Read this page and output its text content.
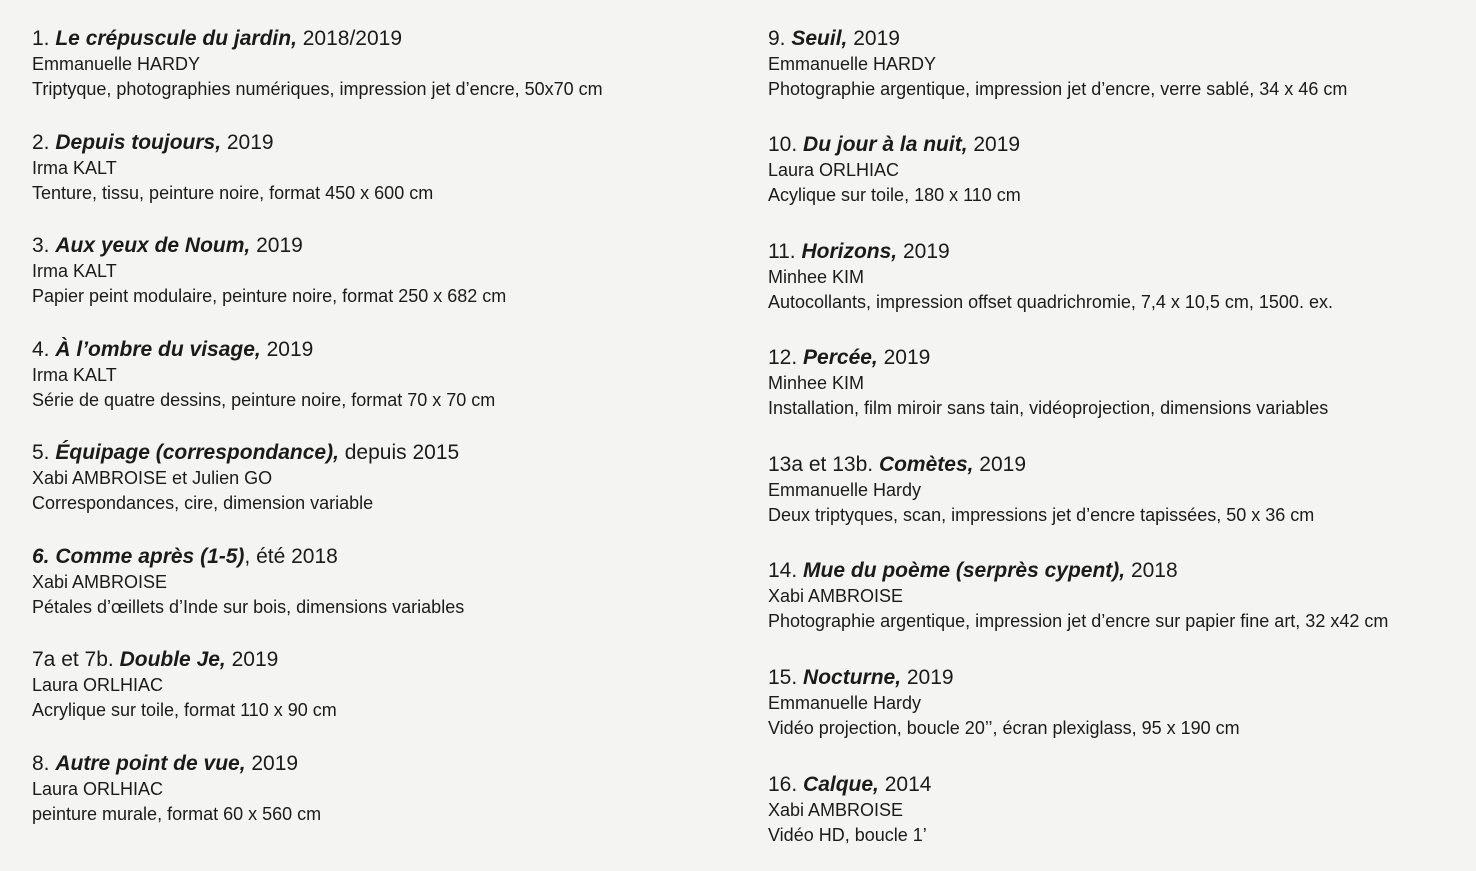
1. Le crépuscule du jardin, 2018/2019
Emmanuelle HARDY
Triptyque, photographies numériques, impression jet d’encre, 50x70 cm
2. Depuis toujours, 2019
Irma KALT
Tenture, tissu, peinture noire, format 450 x 600 cm
3. Aux yeux de Noum, 2019
Irma KALT
Papier peint modulaire, peinture noire, format 250 x 682 cm
4. À l’ombre du visage, 2019
Irma KALT
Série de quatre dessins, peinture noire, format 70 x 70 cm
5. Équipage (correspondance), depuis 2015
Xabi AMBROISE et Julien GO
Correspondances, cire, dimension variable
6. Comme après (1-5), été 2018
Xabi AMBROISE
Pétales d’œillets d’Inde sur bois, dimensions variables
7a et 7b. Double Je, 2019
Laura ORLHIAC
Acrylique sur toile, format 110 x 90 cm
8. Autre point de vue, 2019
Laura ORLHIAC
peinture murale, format 60 x 560 cm
9. Seuil, 2019
Emmanuelle HARDY
Photographie argentique, impression jet d’encre, verre sablé, 34 x 46 cm
10. Du jour à la nuit, 2019
Laura ORLHIAC
Acylique sur toile, 180 x 110 cm
11. Horizons, 2019
Minhee KIM
Autocollants, impression offset quadrichromie, 7,4 x 10,5 cm, 1500. ex.
12. Percée, 2019
Minhee KIM
Installation, film miroir sans tain, vidéoprojection, dimensions variables
13a et 13b. Comètes, 2019
Emmanuelle Hardy
Deux triptyques, scan, impressions jet d’encre tapissées, 50 x 36 cm
14. Mue du poème (serprès cypent), 2018
Xabi AMBROISE
Photographie argentique, impression jet d’encre sur papier fine art, 32 x42 cm
15. Nocturne, 2019
Emmanuelle Hardy
Vidéo projection, boucle 20’’, écran plexiglass, 95 x 190 cm
16. Calque, 2014
Xabi AMBROISE
Vidéo HD, boucle 1’
